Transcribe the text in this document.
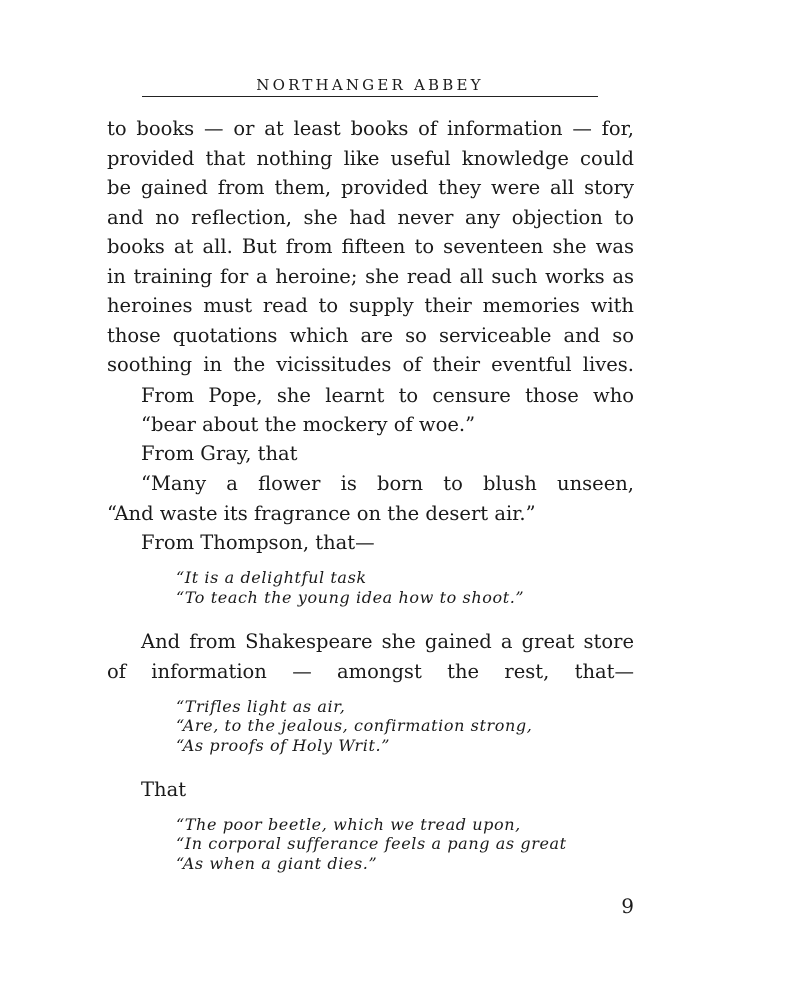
NORTHANGER ABBEY
to books — or at least books of information — for,
provided that nothing like useful knowledge could
be gained from them, provided they were all story
and no reflection, she had never any objection to
books at all. But from fifteen to seventeen she was
in training for a heroine; she read all such works as
heroines must read to supply their memories with
those quotations which are so serviceable and so
soothing in the vicissitudes of their eventful lives.
From Pope, she learnt to censure those who
“bear about the mockery of woe.”
From Gray, that
“Many a flower is born to blush unseen,
“And waste its fragrance on the desert air.”
From Thompson, that—
“It is a delightful task
“To teach the young idea how to shoot.”
And from Shakespeare she gained a great store
of information — amongst the rest, that—
“Trifles light as air,
“Are, to the jealous, confirmation strong,
“As proofs of Holy Writ.”
That
“The poor beetle, which we tread upon,
“In corporal sufferance feels a pang as great
“As when a giant dies.”
9
